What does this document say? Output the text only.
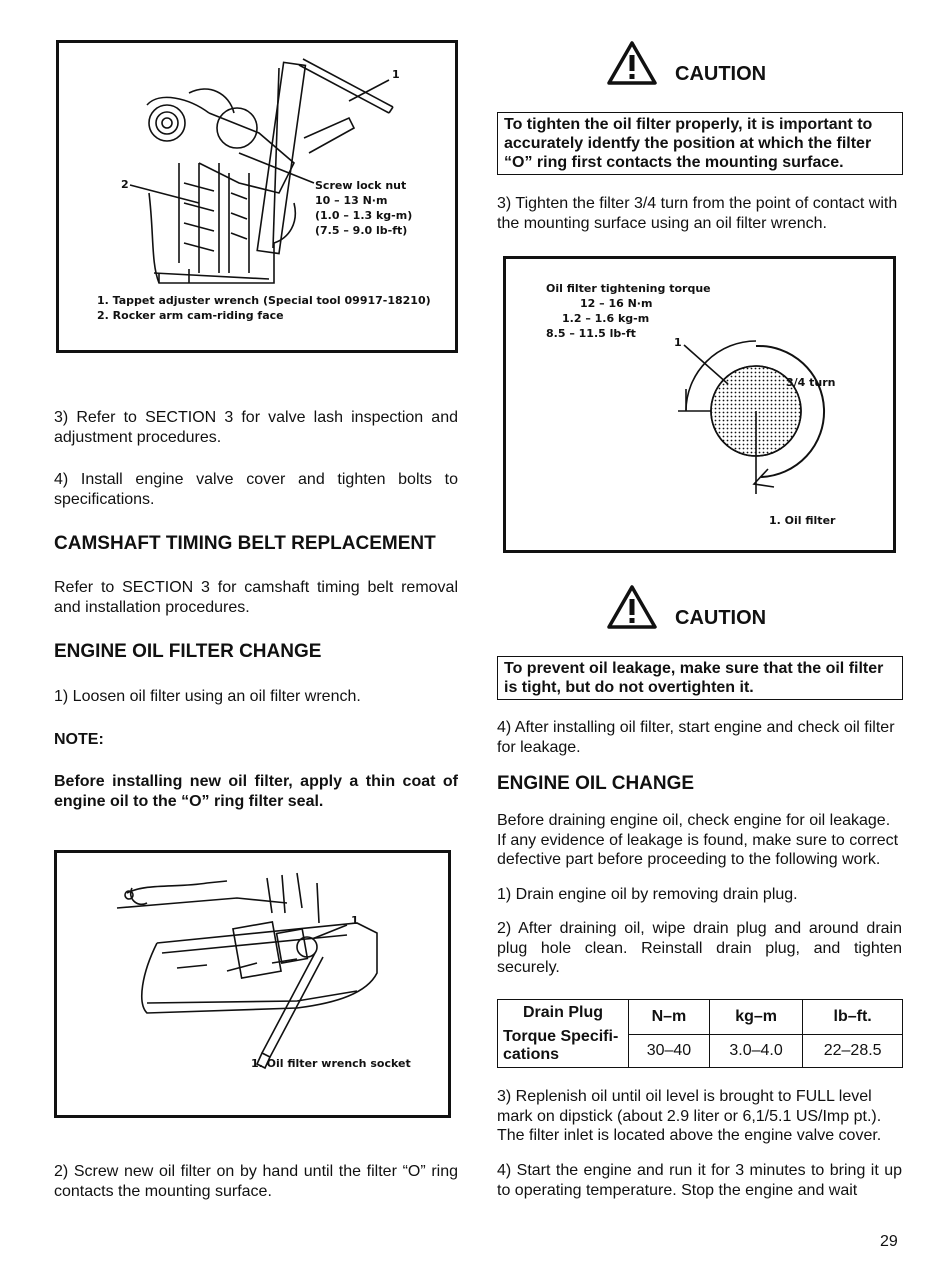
1
2	Screw lock nut
10 – 13 N·m
(1.0 – 1.3 kg-m)
(7.5 – 9.0 lb-ft)
1. Tappet adjuster wrench (Special tool 09917-18210)
2. Rocker arm cam-riding face
3) Refer to SECTION 3 for valve lash inspection and adjustment procedures.
4) Install engine valve cover and tighten bolts to specifications.
CAMSHAFT TIMING BELT REPLACEMENT
Refer to SECTION 3 for camshaft timing belt removal and installation procedures.
ENGINE OIL FILTER CHANGE
1) Loosen oil filter using an oil filter wrench.
NOTE:
Before installing new oil filter, apply a thin coat of engine oil to the “O” ring filter seal.
1
1. Oil filter wrench socket
2) Screw new oil filter on by hand until the filter “O” ring contacts the mounting surface.
CAUTION
To tighten the oil filter properly, it is important to accurately identfy the position at which the filter “O” ring first contacts the mounting surface.
3) Tighten the filter 3/4 turn from the point of contact with the mounting surface using an oil filter wrench.
Oil filter tightening torque
12 – 16 N·m
1.2 – 1.6 kg-m
8.5 – 11.5 lb-ft
1
3/4 turn
1. Oil filter
CAUTION
To prevent oil leakage, make sure that the oil filter is tight, but do not overtighten it.
4) After installing oil filter, start engine and check oil filter for leakage.
ENGINE OIL CHANGE
Before draining engine oil, check engine for oil leakage. If any evidence of leakage is found, make sure to correct defective part before proceeding to the following work.
1) Drain engine oil by removing drain plug.
2) After draining oil, wipe drain plug and around drain plug hole clean. Reinstall drain plug, and tighten securely.
Drain Plug
Torque Specifi-cations	N–m	kg–m	lb–ft.
	30–40	3.0–4.0	22–28.5
3) Replenish oil until oil level is brought to FULL level mark on dipstick (about 2.9 liter or 6,1/5.1 US/Imp pt.). The filter inlet is located above the engine valve cover.
4) Start the engine and run it for 3 minutes to bring it up to operating temperature. Stop the engine and wait
29
